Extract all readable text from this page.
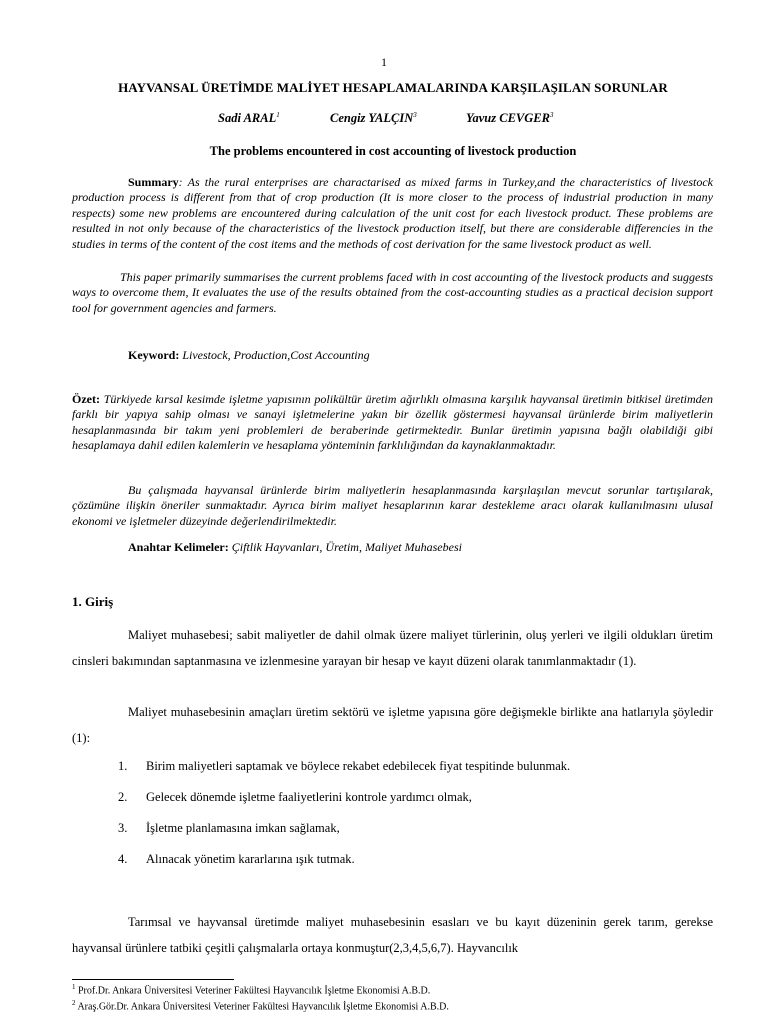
1
HAYVANSAL ÜRETİMDE MALİYET HESAPLAMALARINDA KARŞILAŞILAN SORUNLAR
Sadi ARAL$^1$	Cengiz YALÇIN$^3$	Yavuz CEVGER$^3$
The problems encountered in cost accounting of livestock production
Summary: As the rural enterprises are charactarised as mixed farms in Turkey,and the characteristics of livestock production process is different from that of crop production (It is more closer to the process of industrial production in many respects) some new problems are encountered during calculation of the unit cost for each livestock product. These problems are resulted in not only because of the characteristics of the livestock production itself, but there are considerable differencies in the studies in terms of the content of the cost items and the methods of cost derivation for the same livestock product as well.
This paper primarily summarises the current problems faced with in cost accounting of the livestock products and suggests ways to overcome them, It evaluates the use of the results obtained from the cost-accounting studies as a practical decision support tool for government agencies and farmers.
Keyword: Livestock, Production,Cost Accounting
Özet: Türkiyede kırsal kesimde işletme yapısının polikültür üretim ağırlıklı olmasına karşılık hayvansal üretimin bitkisel üretimden farklı bir yapıya sahip olması ve sanayi işletmelerine yakın bir özellik göstermesi hayvansal ürünlerde birim maliyetlerin hesaplanmasında bir takım yeni problemleri de beraberinde getirmektedir. Bunlar üretimin yapısına bağlı olabildiği gibi hesaplamaya dahil edilen kalemlerin ve hesaplama yönteminin farklılığından da kaynaklanmaktadır.
Bu çalışmada hayvansal ürünlerde birim maliyetlerin hesaplanmasında karşılaşılan mevcut sorunlar tartışılarak, çözümüne ilişkin öneriler sunmaktadır. Ayrıca birim maliyet hesaplarının karar destekleme aracı olarak kullanılmasını ulusal ekonomi ve işletmeler düzeyinde değerlendirilmektedir.
Anahtar Kelimeler: Çiftlik Hayvanları, Üretim, Maliyet Muhasebesi
1. Giriş
Maliyet muhasebesi; sabit maliyetler de dahil olmak üzere maliyet türlerinin, oluş yerleri ve ilgili oldukları üretim cinsleri bakımından saptanmasına ve izlenmesine yarayan bir hesap ve kayıt düzeni olarak tanımlanmaktadır (1).
Maliyet muhasebesinin amaçları üretim sektörü ve işletme yapısına göre değişmekle birlikte ana hatlarıyla şöyledir (1):
1. Birim maliyetleri saptamak ve böylece rekabet edebilecek fiyat tespitinde bulunmak.
2. Gelecek dönemde işletme faaliyetlerini kontrole yardımcı olmak,
3. İşletme planlamasına imkan sağlamak,
4. Alınacak yönetim kararlarına ışık tutmak.
Tarımsal ve hayvansal üretimde maliyet muhasebesinin esasları ve bu kayıt düzeninin gerek tarım, gerekse hayvansal ürünlere tatbiki çeşitli çalışmalarla ortaya konmuştur(2,3,4,5,6,7). Hayvancılık
$^1$ Prof.Dr. Ankara Üniversitesi Veteriner Fakültesi Hayvancılık İşletme Ekonomisi A.B.D.
$^2$ Araş.Gör.Dr. Ankara Üniversitesi Veteriner Fakültesi Hayvancılık İşletme Ekonomisi A.B.D.
